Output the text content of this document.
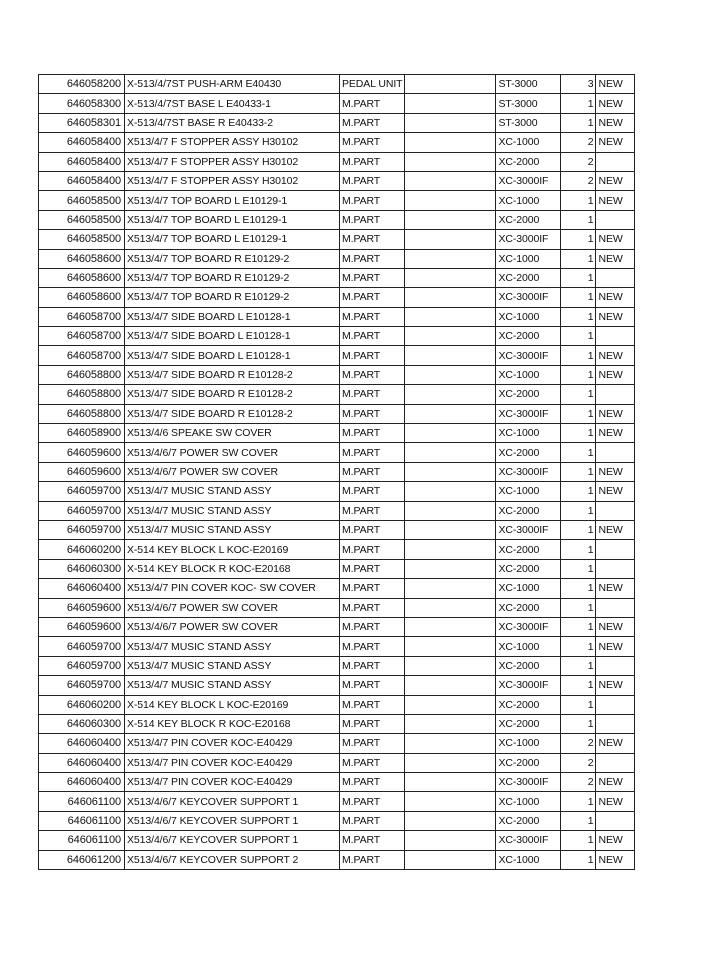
646058200	X-513/4/7ST PUSH-ARM E40430	PEDAL UNIT		ST-3000	3	NEW
646058300	X-513/4/7ST BASE L E40433-1	M.PART		ST-3000	1	NEW
646058301	X-513/4/7ST BASE R E40433-2	M.PART		ST-3000	1	NEW
646058400	X513/4/7 F STOPPER ASSY H30102	M.PART		XC-1000	2	NEW
646058400	X513/4/7 F STOPPER ASSY H30102	M.PART		XC-2000	2	
646058400	X513/4/7 F STOPPER ASSY H30102	M.PART		XC-3000IF	2	NEW
646058500	X513/4/7 TOP BOARD L E10129-1	M.PART		XC-1000	1	NEW
646058500	X513/4/7 TOP BOARD L E10129-1	M.PART		XC-2000	1	
646058500	X513/4/7 TOP BOARD L E10129-1	M.PART		XC-3000IF	1	NEW
646058600	X513/4/7 TOP BOARD R E10129-2	M.PART		XC-1000	1	NEW
646058600	X513/4/7 TOP BOARD R E10129-2	M.PART		XC-2000	1	
646058600	X513/4/7 TOP BOARD R E10129-2	M.PART		XC-3000IF	1	NEW
646058700	X513/4/7 SIDE BOARD L E10128-1	M.PART		XC-1000	1	NEW
646058700	X513/4/7 SIDE BOARD L E10128-1	M.PART		XC-2000	1	
646058700	X513/4/7 SIDE BOARD L E10128-1	M.PART		XC-3000IF	1	NEW
646058800	X513/4/7 SIDE BOARD R E10128-2	M.PART		XC-1000	1	NEW
646058800	X513/4/7 SIDE BOARD R E10128-2	M.PART		XC-2000	1	
646058800	X513/4/7 SIDE BOARD R E10128-2	M.PART		XC-3000IF	1	NEW
646058900	X513/4/6 SPEAKE SW COVER	M.PART		XC-1000	1	NEW
646059600	X513/4/6/7 POWER SW COVER	M.PART		XC-2000	1	
646059600	X513/4/6/7 POWER SW COVER	M.PART		XC-3000IF	1	NEW
646059700	X513/4/7 MUSIC STAND ASSY	M.PART		XC-1000	1	NEW
646059700	X513/4/7 MUSIC STAND ASSY	M.PART		XC-2000	1	
646059700	X513/4/7 MUSIC STAND ASSY	M.PART		XC-3000IF	1	NEW
646060200	X-514 KEY BLOCK L KOC-E20169	M.PART		XC-2000	1	
646060300	X-514 KEY BLOCK R KOC-E20168	M.PART		XC-2000	1	
646060400	X513/4/7 PIN COVER KOC- SW COVER	M.PART		XC-1000	1	NEW
646059600	X513/4/6/7 POWER SW COVER	M.PART		XC-2000	1	
646059600	X513/4/6/7 POWER SW COVER	M.PART		XC-3000IF	1	NEW
646059700	X513/4/7 MUSIC STAND ASSY	M.PART		XC-1000	1	NEW
646059700	X513/4/7 MUSIC STAND ASSY	M.PART		XC-2000	1	
646059700	X513/4/7 MUSIC STAND ASSY	M.PART		XC-3000IF	1	NEW
646060200	X-514 KEY BLOCK L KOC-E20169	M.PART		XC-2000	1	
646060300	X-514 KEY BLOCK R KOC-E20168	M.PART		XC-2000	1	
646060400	X513/4/7 PIN COVER KOC-E40429	M.PART		XC-1000	2	NEW
646060400	X513/4/7 PIN COVER KOC-E40429	M.PART		XC-2000	2	
646060400	X513/4/7 PIN COVER KOC-E40429	M.PART		XC-3000IF	2	NEW
646061100	X513/4/6/7 KEYCOVER SUPPORT 1	M.PART		XC-1000	1	NEW
646061100	X513/4/6/7 KEYCOVER SUPPORT 1	M.PART		XC-2000	1	
646061100	X513/4/6/7 KEYCOVER SUPPORT 1	M.PART		XC-3000IF	1	NEW
646061200	X513/4/6/7 KEYCOVER SUPPORT 2	M.PART		XC-1000	1	NEW
